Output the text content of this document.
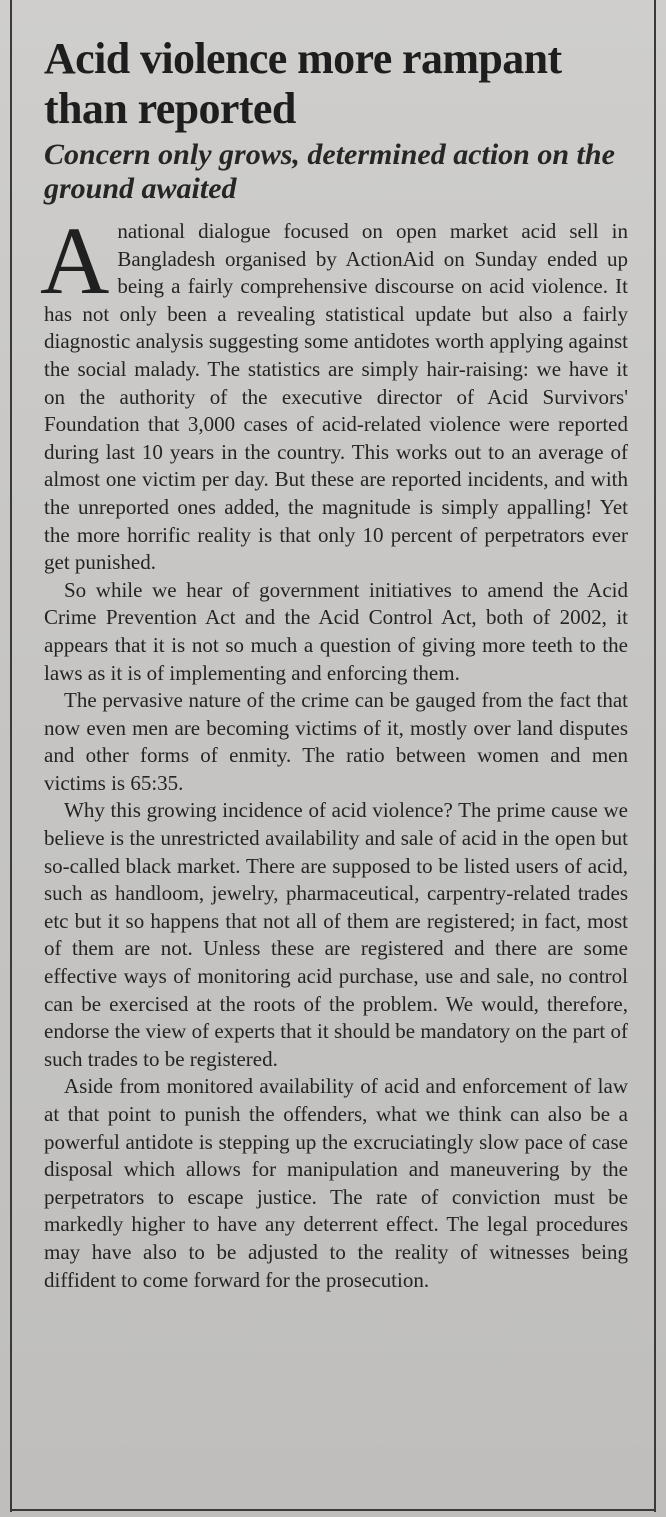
Acid violence more rampant than reported
Concern only grows, determined action on the ground awaited

A national dialogue focused on open market acid sell in Bangladesh organised by ActionAid on Sunday ended up being a fairly comprehensive discourse on acid violence. It has not only been a revealing statistical update but also a fairly diagnostic analysis suggesting some antidotes worth applying against the social malady. The statistics are simply hair-raising: we have it on the authority of the executive director of Acid Survivors' Foundation that 3,000 cases of acid-related violence were reported during last 10 years in the country. This works out to an average of almost one victim per day. But these are reported incidents, and with the unreported ones added, the magnitude is simply appalling! Yet the more horrific reality is that only 10 percent of perpetrators ever get punished.

So while we hear of government initiatives to amend the Acid Crime Prevention Act and the Acid Control Act, both of 2002, it appears that it is not so much a question of giving more teeth to the laws as it is of implementing and enforcing them.

The pervasive nature of the crime can be gauged from the fact that now even men are becoming victims of it, mostly over land disputes and other forms of enmity. The ratio between women and men victims is 65:35.

Why this growing incidence of acid violence? The prime cause we believe is the unrestricted availability and sale of acid in the open but so-called black market. There are supposed to be listed users of acid, such as handloom, jewelry, pharmaceutical, carpentry-related trades etc but it so happens that not all of them are registered; in fact, most of them are not. Unless these are registered and there are some effective ways of monitoring acid purchase, use and sale, no control can be exercised at the roots of the problem. We would, therefore, endorse the view of experts that it should be mandatory on the part of such trades to be registered.

Aside from monitored availability of acid and enforcement of law at that point to punish the offenders, what we think can also be a powerful antidote is stepping up the excruciatingly slow pace of case disposal which allows for manipulation and maneuvering by the perpetrators to escape justice. The rate of conviction must be markedly higher to have any deterrent effect. The legal procedures may have also to be adjusted to the reality of witnesses being diffident to come forward for the prosecution.
